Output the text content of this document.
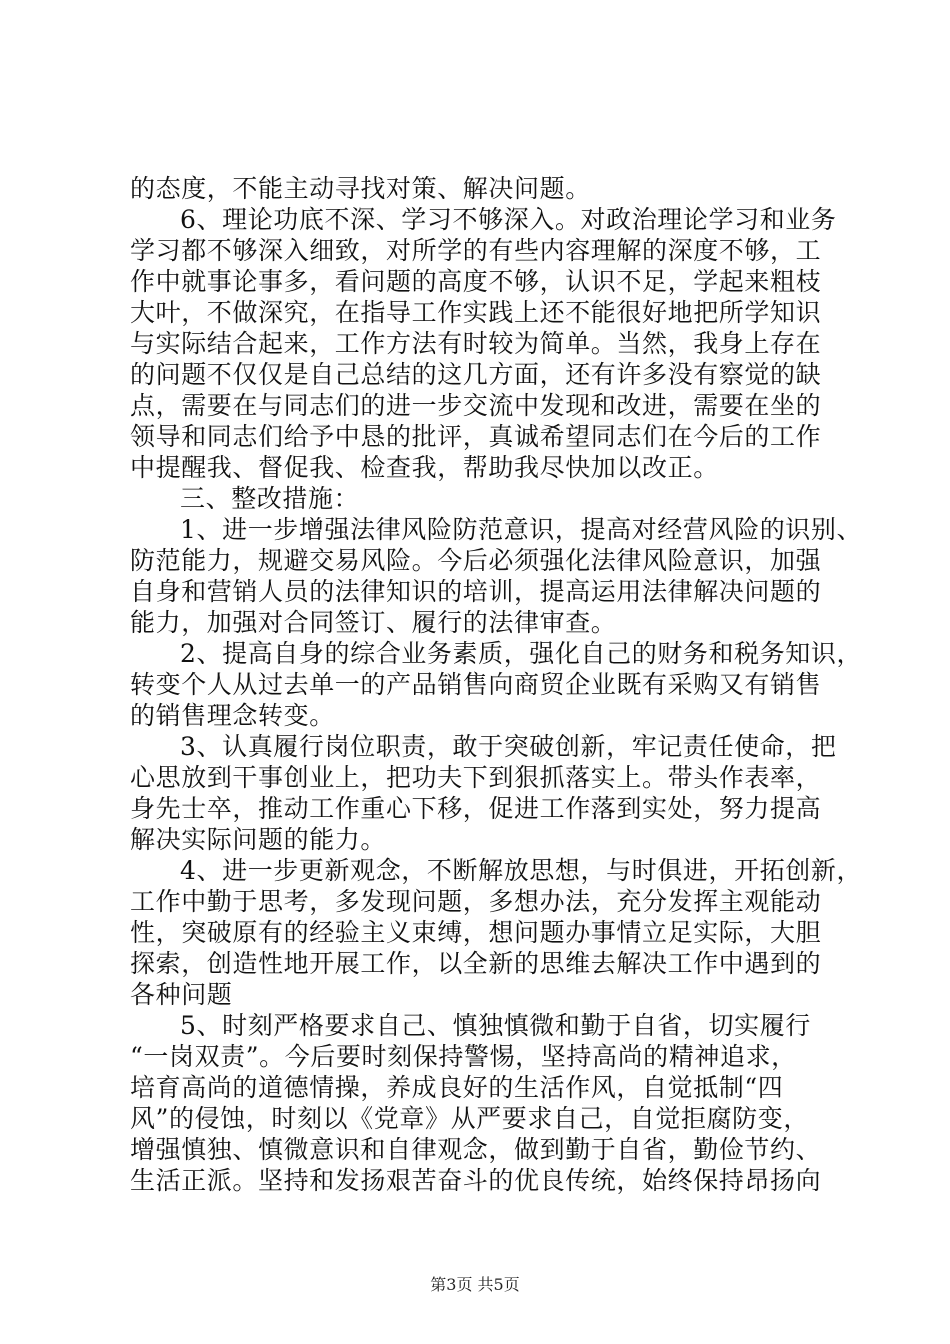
的态度，不能主动寻找对策、解决问题。
6、理论功底不深、学习不够深入。对政治理论学习和业务
学习都不够深入细致，对所学的有些内容理解的深度不够，工
作中就事论事多，看问题的高度不够，认识不足，学起来粗枝
大叶，不做深究，在指导工作实践上还不能很好地把所学知识
与实际结合起来，工作方法有时较为简单。当然，我身上存在
的问题不仅仅是自己总结的这几方面，还有许多没有察觉的缺
点，需要在与同志们的进一步交流中发现和改进，需要在坐的
领导和同志们给予中恳的批评，真诚希望同志们在今后的工作
中提醒我、督促我、检查我，帮助我尽快加以改正。
三、整改措施：
1、进一步增强法律风险防范意识，提高对经营风险的识别、
防范能力，规避交易风险。今后必须强化法律风险意识，加强
自身和营销人员的法律知识的培训，提高运用法律解决问题的
能力，加强对合同签订、履行的法律审查。
2、提高自身的综合业务素质，强化自己的财务和税务知识，
转变个人从过去单一的产品销售向商贸企业既有采购又有销售
的销售理念转变。
3、认真履行岗位职责，敢于突破创新，牢记责任使命，把
心思放到干事创业上，把功夫下到狠抓落实上。带头作表率，
身先士卒，推动工作重心下移，促进工作落到实处，努力提高
解决实际问题的能力。
4、进一步更新观念，不断解放思想，与时俱进，开拓创新，
工作中勤于思考，多发现问题，多想办法，充分发挥主观能动
性，突破原有的经验主义束缚，想问题办事情立足实际，大胆
探索，创造性地开展工作，以全新的思维去解决工作中遇到的
各种问题
5、时刻严格要求自己、慎独慎微和勤于自省，切实履行
“一岗双责”。今后要时刻保持警惕，坚持高尚的精神追求，
培育高尚的道德情操，养成良好的生活作风，自觉抵制“四
风”的侵蚀，时刻以《党章》从严要求自己，自觉拒腐防变，
增强慎独、慎微意识和自律观念，做到勤于自省，勤俭节约、
生活正派。坚持和发扬艰苦奋斗的优良传统，始终保持昂扬向
第3页 共5页
